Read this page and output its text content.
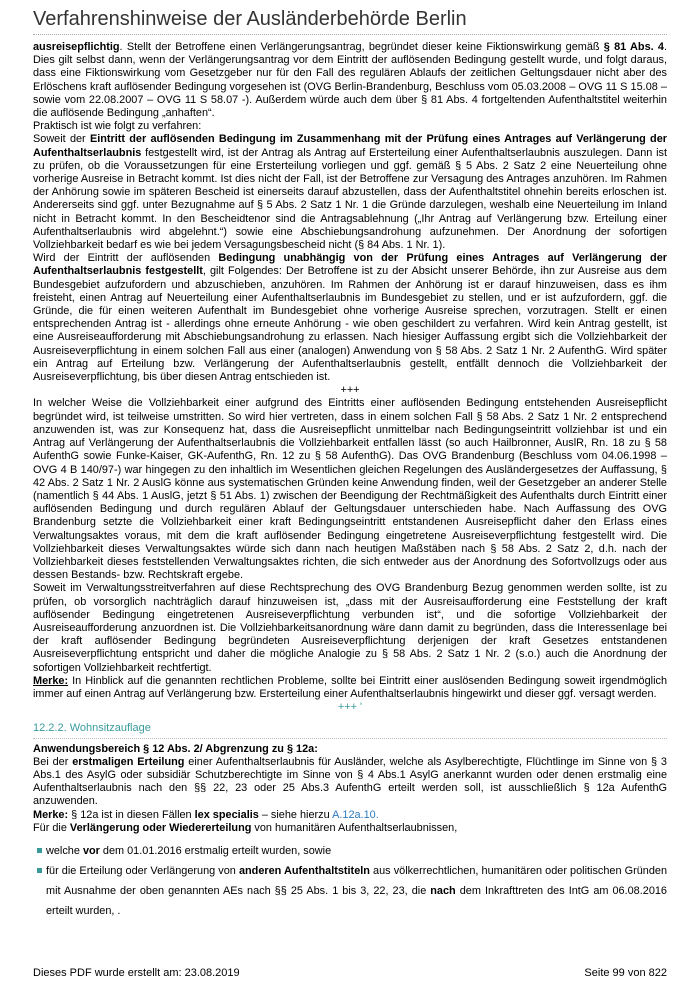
Verfahrenshinweise der Ausländerbehörde Berlin

ausreisepflichtig. Stellt der Betroffene einen Verlängerungsantrag, begründet dieser keine Fiktionswirkung gemäß § 81 Abs. 4. Dies gilt selbst dann, wenn der Verlängerungsantrag vor dem Eintritt der auflösenden Bedingung gestellt wurde, und folgt daraus, dass eine Fiktionswirkung vom Gesetzgeber nur für den Fall des regulären Ablaufs der zeitlichen Geltungsdauer nicht aber des Erlöschens kraft auflösender Bedingung vorgesehen ist (OVG Berlin-Brandenburg, Beschluss vom 05.03.2008 – OVG 11 S 15.08 – sowie vom 22.08.2007 – OVG 11 S 58.07 -). Außerdem würde auch dem über § 81 Abs. 4 fortgeltenden Aufenthaltstitel weiterhin die auflösende Bedingung „anhaften“.

Praktisch ist wie folgt zu verfahren:

Soweit der Eintritt der auflösenden Bedingung im Zusammenhang mit der Prüfung eines Antrages auf Verlängerung der Aufenthaltserlaubnis festgestellt wird, ist der Antrag als Antrag auf Ersterteilung einer Aufenthaltserlaubnis auszulegen. Dann ist zu prüfen, ob die Voraussetzungen für eine Ersterteilung vorliegen und ggf. gemäß § 5 Abs. 2 Satz 2 eine Neuerteilung ohne vorherige Ausreise in Betracht kommt. Ist dies nicht der Fall, ist der Betroffene zur Versagung des Antrages anzuhören. Im Rahmen der Anhörung sowie im späteren Bescheid ist einerseits darauf abzustellen, dass der Aufenthaltstitel ohnehin bereits erloschen ist. Andererseits sind ggf. unter Bezugnahme auf § 5 Abs. 2 Satz 1 Nr. 1 die Gründe darzulegen, weshalb eine Neuerteilung im Inland nicht in Betracht kommt. In den Bescheidtenor sind die Antragsablehnung („Ihr Antrag auf Verlängerung bzw. Erteilung einer Aufenthaltserlaubnis wird abgelehnt.“) sowie eine Abschiebungsandrohung aufzunehmen. Der Anordnung der sofortigen Vollziehbarkeit bedarf es wie bei jedem Versagungsbescheid nicht (§ 84 Abs. 1 Nr. 1).

Wird der Eintritt der auflösenden Bedingung unabhängig von der Prüfung eines Antrages auf Verlängerung der Aufenthaltserlaubnis festgestellt, gilt Folgendes: Der Betroffene ist zu der Absicht unserer Behörde, ihn zur Ausreise aus dem Bundesgebiet aufzufordern und abzuschieben, anzuhören. Im Rahmen der Anhörung ist er darauf hinzuweisen, dass es ihm freisteht, einen Antrag auf Neuerteilung einer Aufenthaltserlaubnis im Bundesgebiet zu stellen, und er ist aufzufordern, ggf. die Gründe, die für einen weiteren Aufenthalt im Bundesgebiet ohne vorherige Ausreise sprechen, vorzutragen. Stellt er einen entsprechenden Antrag ist - allerdings ohne erneute Anhörung - wie oben geschildert zu verfahren. Wird kein Antrag gestellt, ist eine Ausreiseaufforderung mit Abschiebungsandrohung zu erlassen. Nach hiesiger Auffassung ergibt sich die Vollziehbarkeit der Ausreiseverpflichtung in einem solchen Fall aus einer (analogen) Anwendung von § 58 Abs. 2 Satz 1 Nr. 2 AufenthG. Wird später ein Antrag auf Erteilung bzw. Verlängerung der Aufenthaltserlaubnis gestellt, entfällt dennoch die Vollziehbarkeit der Ausreiseverpflichtung, bis über diesen Antrag entschieden ist.

+++

In welcher Weise die Vollziehbarkeit einer aufgrund des Eintritts einer auflösenden Bedingung entstehenden Ausreisepflicht begründet wird, ist teilweise umstritten. So wird hier vertreten, dass in einem solchen Fall § 58 Abs. 2 Satz 1 Nr. 2 entsprechend anzuwenden ist, was zur Konsequenz hat, dass die Ausreisepflicht unmittelbar nach Bedingungseintritt vollziehbar ist und ein Antrag auf Verlängerung der Aufenthaltserlaubnis die Vollziehbarkeit entfallen lässt (so auch Hailbronner, AuslR, Rn. 18 zu § 58 AufenthG sowie Funke-Kaiser, GK-AufenthG, Rn. 12 zu § 58 AufenthG). Das OVG Brandenburg (Beschluss vom 04.06.1998 – OVG 4 B 140/97-) war hingegen zu den inhaltlich im Wesentlichen gleichen Regelungen des Ausländergesetzes der Auffassung, § 42 Abs. 2 Satz 1 Nr. 2 AuslG könne aus systematischen Gründen keine Anwendung finden, weil der Gesetzgeber an anderer Stelle (namentlich § 44 Abs. 1 AuslG, jetzt § 51 Abs. 1) zwischen der Beendigung der Rechtmäßigkeit des Aufenthalts durch Eintritt einer auflösenden Bedingung und durch regulären Ablauf der Geltungsdauer unterschieden habe. Nach Auffassung des OVG Brandenburg setzte die Vollziehbarkeit einer kraft Bedingungseintritt entstandenen Ausreisepflicht daher den Erlass eines Verwaltungsaktes voraus, mit dem die kraft auflösender Bedingung eingetretene Ausreiseverpflichtung festgestellt wird. Die Vollziehbarkeit dieses Verwaltungsaktes würde sich dann nach heutigen Maßstäben nach § 58 Abs. 2 Satz 2, d.h. nach der Vollziehbarkeit dieses feststellenden Verwaltungsaktes richten, die sich entweder aus der Anordnung des Sofortvollzugs oder aus dessen Bestands- bzw. Rechtskraft ergebe.

Soweit im Verwaltungsstreitverfahren auf diese Rechtsprechung des OVG Brandenburg Bezug genommen werden sollte, ist zu prüfen, ob vorsorglich nachträglich darauf hinzuweisen ist, „dass mit der Ausreisaufforderung eine Feststellung der kraft auflösender Bedingung eingetretenen Ausreiseverpflichtung verbunden ist“, und die sofortige Vollziehbarkeit der Ausreiseaufforderung anzuordnen ist. Die Vollziehbarkeitsanordnung wäre dann damit zu begründen, dass die Interessenlage bei der kraft auflösender Bedingung begründeten Ausreiseverpflichtung derjenigen der kraft Gesetzes entstandenen Ausreiseverpflichtung entspricht und daher die mögliche Analogie zu § 58 Abs. 2 Satz 1 Nr. 2 (s.o.) auch die Anordnung der sofortigen Vollziehbarkeit rechtfertigt.

Merke: In Hinblick auf die genannten rechtlichen Probleme, sollte bei Eintritt einer auslösenden Bedingung soweit irgendmöglich immer auf einen Antrag auf Verlängerung bzw. Ersterteilung einer Aufenthaltserlaubnis hingewirkt und dieser ggf. versagt werden.

+++ '

12.2.2. Wohnsitzauflage

Anwendungsbereich § 12 Abs. 2/ Abgrenzung zu § 12a:

Bei der erstmaligen Erteilung einer Aufenthaltserlaubnis für Ausländer, welche als Asylberechtigte, Flüchtlinge im Sinne von § 3 Abs.1 des AsylG oder subsidiär Schutzberechtigte im Sinne von § 4 Abs.1 AsylG anerkannt wurden oder denen erstmalig eine Aufenthaltserlaubnis nach den §§ 22, 23 oder 25 Abs.3 AufenthG erteilt werden soll, ist ausschließlich § 12a AufenthG anzuwenden.

Merke: § 12a ist in diesen Fällen lex specialis – siehe hierzu A.12a.10.

Für die Verlängerung oder Wiedererteilung von humanitären Aufenthaltserlaubnissen,

welche vor dem 01.01.2016 erstmalig erteilt wurden, sowie
für die Erteilung oder Verlängerung von anderen Aufenthaltstiteln aus völkerrechtlichen, humanitären oder politischen Gründen mit Ausnahme der oben genannten AEs nach §§ 25 Abs. 1 bis 3, 22, 23, die nach dem Inkrafttreten des IntG am 06.08.2016 erteilt wurden, .
Dieses PDF wurde erstellt am: 23.08.2019	Seite 99 von 822
